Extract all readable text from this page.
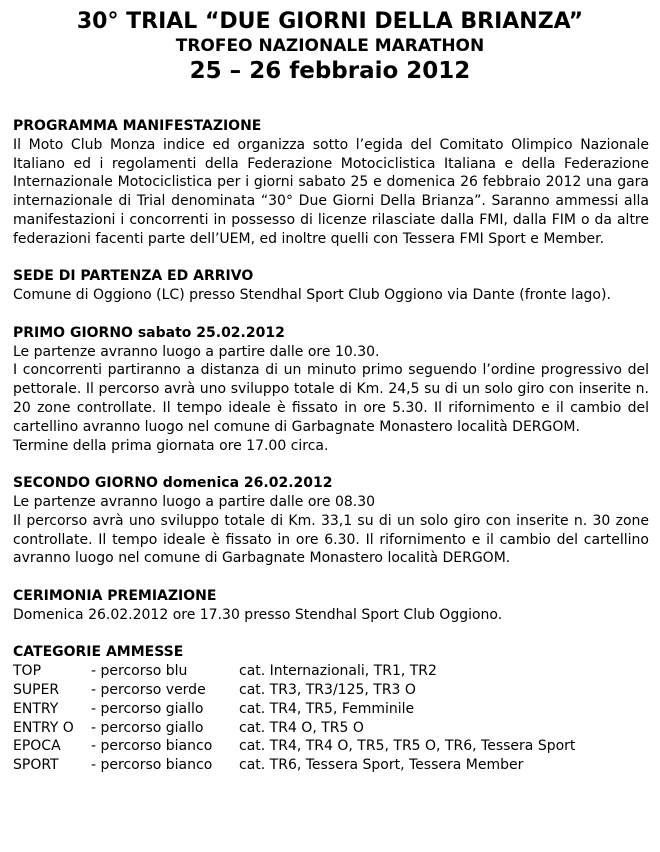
30° TRIAL “DUE GIORNI DELLA BRIANZA”
TROFEO NAZIONALE MARATHON
25 – 26 febbraio 2012
PROGRAMMA MANIFESTAZIONE
Il Moto Club Monza indice ed organizza sotto l’egida del Comitato Olimpico Nazionale Italiano ed i regolamenti della Federazione Motociclistica Italiana e della Federazione Internazionale Motociclistica per i giorni sabato 25 e domenica 26 febbraio 2012 una gara internazionale di Trial denominata “30° Due Giorni Della Brianza”. Saranno ammessi alla manifestazioni i concorrenti in possesso di licenze rilasciate dalla FMI, dalla FIM o da altre federazioni facenti parte dell’UEM, ed inoltre quelli con Tessera FMI Sport e Member.
SEDE DI PARTENZA ED ARRIVO
Comune di Oggiono (LC) presso Stendhal Sport Club Oggiono via Dante (fronte lago).
PRIMO GIORNO sabato 25.02.2012
Le partenze avranno luogo a partire dalle ore 10.30.
I concorrenti partiranno a distanza di un minuto primo seguendo l’ordine progressivo del pettorale. Il percorso avrà uno sviluppo totale di Km. 24,5 su di un solo giro con inserite n. 20 zone controllate. Il tempo ideale è fissato in ore 5.30. Il rifornimento e il cambio del cartellino avranno luogo nel comune di Garbagnate Monastero località DERGOM.
Termine della prima giornata ore 17.00 circa.
SECONDO GIORNO domenica 26.02.2012
Le partenze avranno luogo a partire dalle ore 08.30
Il percorso avrà uno sviluppo totale di Km. 33,1 su di un solo giro con inserite n. 30 zone controllate. Il tempo ideale è fissato in ore 6.30. Il rifornimento e il cambio del cartellino avranno luogo nel comune di Garbagnate Monastero località DERGOM.
CERIMONIA PREMIAZIONE
Domenica 26.02.2012 ore 17.30 presso Stendhal Sport Club Oggiono.
CATEGORIE AMMESSE
TOP	- percorso blu	cat. Internazionali, TR1, TR2
SUPER	- percorso verde	cat. TR3, TR3/125, TR3 O
ENTRY	- percorso giallo	cat. TR4, TR5, Femminile
ENTRY O	- percorso giallo	cat. TR4 O, TR5 O
EPOCA	- percorso bianco	cat. TR4, TR4 O, TR5, TR5 O, TR6, Tessera Sport
SPORT	- percorso bianco	cat. TR6, Tessera Sport, Tessera Member
